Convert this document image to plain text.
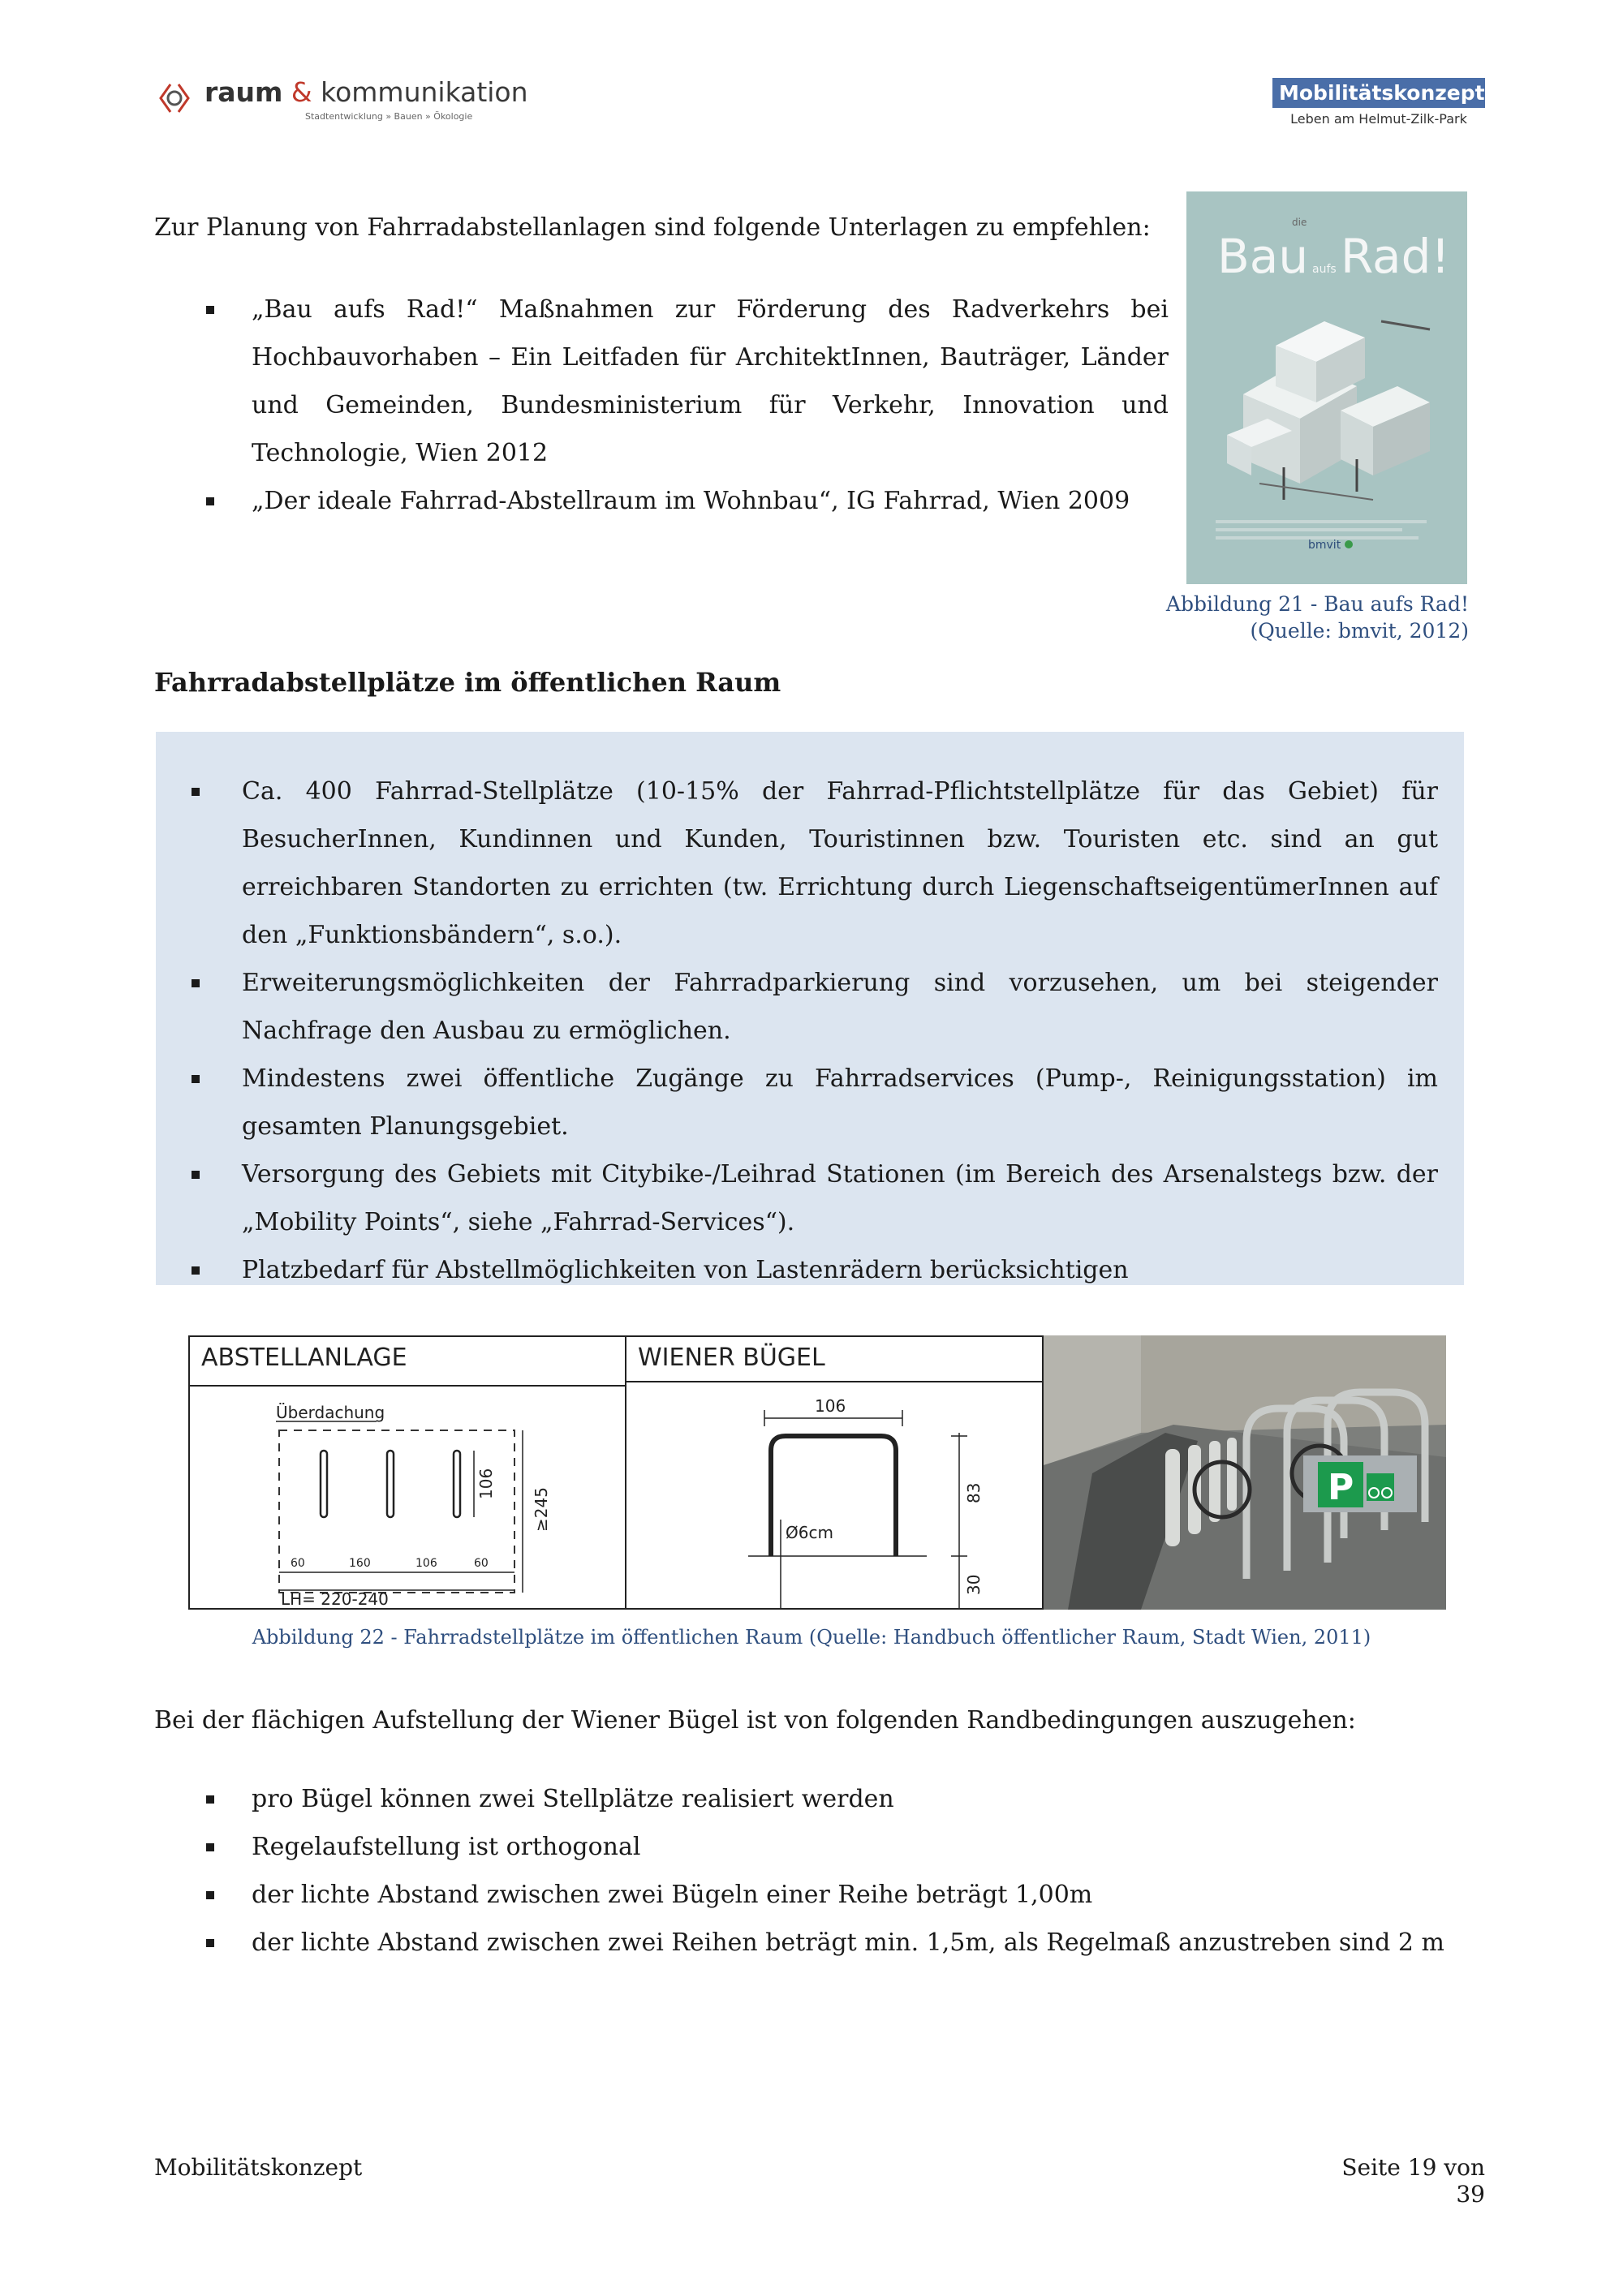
raum & kommunikation
Stadtentwicklung » Bauen » Ökologie
Mobilitätskonzept
Leben am Helmut-Zilk-Park
Zur Planung von Fahrradabstellanlagen sind folgende Unterlagen zu empfehlen:
„Bau aufs Rad!“ Maßnahmen zur Förderung des Radverkehrs bei Hochbauvorhaben – Ein Leitfaden für ArchitektInnen, Bauträger, Länder und Gemeinden, Bundesministerium für Verkehr, Innovation und Technologie, Wien 2012
„Der ideale Fahrrad-Abstellraum im Wohnbau“, IG Fahrrad, Wien 2009
die
Bau aufs Rad!
bmvit
Abbildung 21 - Bau aufs Rad!
(Quelle: bmvit, 2012)
Fahrradabstellplätze im öffentlichen Raum
Ca. 400 Fahrrad-Stellplätze (10-15% der Fahrrad-Pflichtstellplätze für das Gebiet) für BesucherInnen, Kundinnen und Kunden, Touristinnen bzw. Touristen etc. sind an gut erreichbaren Standorten zu errichten (tw. Errichtung durch LiegenschaftseigentümerInnen auf den „Funktionsbändern“, s.o.).
Erweiterungsmöglichkeiten der Fahrradparkierung sind vorzusehen, um bei steigender Nachfrage den Ausbau zu ermöglichen.
Mindestens zwei öffentliche Zugänge zu Fahrradservices (Pump-, Reinigungsstation) im gesamten Planungsgebiet.
Versorgung des Gebiets mit Citybike-/Leihrad Stationen (im Bereich des Arsenalstegs bzw. der „Mobility Points“, siehe „Fahrrad-Services“).
Platzbedarf für Abstellmöglichkeiten von Lastenrädern berücksichtigen
ABSTELLANLAGE
Überdachung
106
≥245
60	160	106	60
LH= 220-240
WIENER BÜGEL
106
Ø6cm
83
30
P
Abbildung 22 - Fahrradstellplätze im öffentlichen Raum (Quelle: Handbuch öffentlicher Raum, Stadt Wien, 2011)
Bei der flächigen Aufstellung der Wiener Bügel ist von folgenden Randbedingungen auszugehen:
pro Bügel können zwei Stellplätze realisiert werden
Regelaufstellung ist orthogonal
der lichte Abstand zwischen zwei Bügeln einer Reihe beträgt 1,00m
der lichte Abstand zwischen zwei Reihen beträgt min. 1,5m, als Regelmaß anzustreben sind 2 m
Mobilitätskonzept	Seite 19 von 39
